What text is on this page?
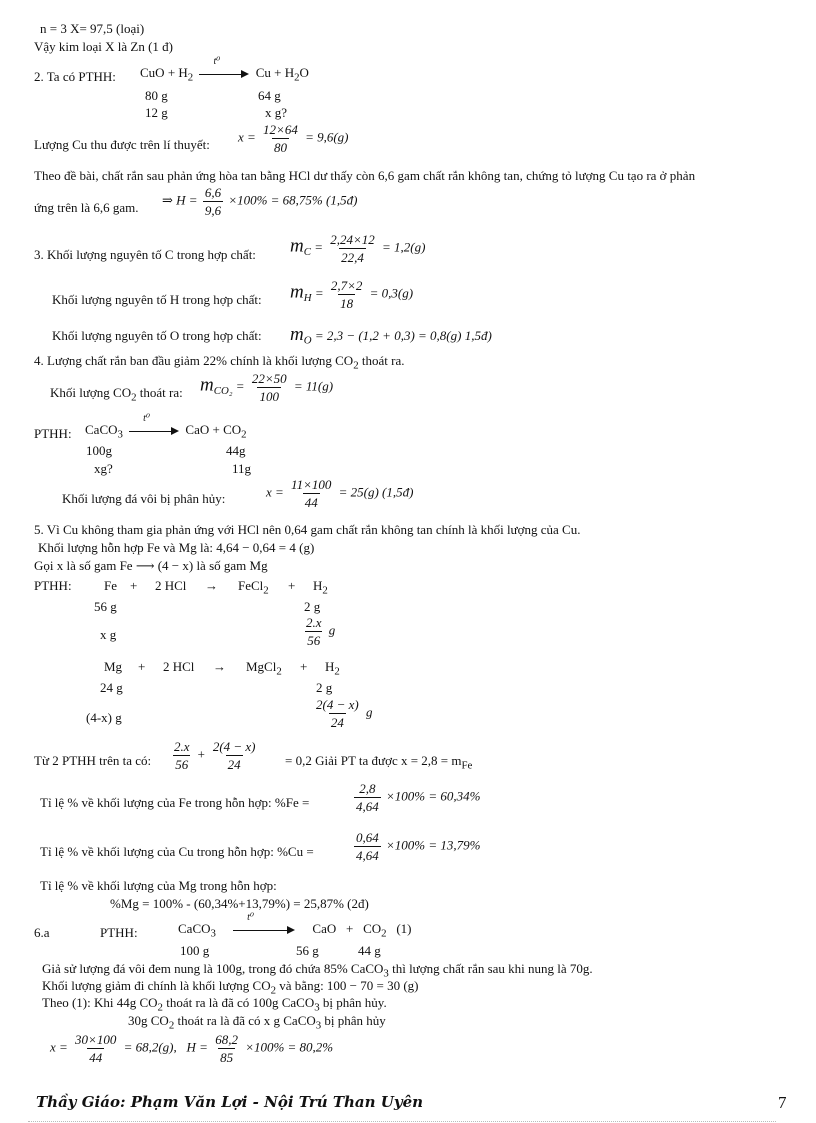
n = 3 X= 97,5 (loại)
Vậy kim loại X là Zn (1 đ)
2. Ta có PTHH: CuO + $H_2$
t⁰
$Cu + H_2O$
80 g	64 g
12 g	x g?
Lượng Cu thu được trên lí thuyết:
$x = \frac{12\times 64}{80} = 9,6(g)$
Theo đề bài, chất rắn sau phản ứng hòa tan bằng HCl dư thấy còn 6,6 gam chất rắn không tan, chứng tỏ lượng Cu tạo ra ở phản
ứng trên là 6,6 gam.
⇒ $H = \frac{6,6}{9,6} \times 100\% = 68,75\%$ (1,5đ)
3. Khối lượng nguyên tố C trong hợp chất: $m_C = \frac{2,24\times 12}{22,4} = 1,2(g)$
Khối lượng nguyên tố H trong hợp chất: $m_H = \frac{2,7\times 2}{18} = 0,3(g)$
Khối lượng nguyên tố O trong hợp chất: $m_O = 2,3 - (1,2 + 0,3) = 0,8(g)$ 1,5đ)
4. Lượng chất rắn ban đầu giảm 22% chính là khối lượng $CO_2$ thoát ra.
Khối lượng $CO_2$ thoát ra: $m_{CO_2} = \frac{22\times 50}{100} = 11(g)$
PTHH: CaCO$_3$
t⁰
CaO + $CO_2$
100g	44g
xg?	11g
Khối lượng đá vôi bị phân hủy:	$x = \frac{11\times 100}{44} = 25(g)$ (1,5đ)
5. Vì Cu không tham gia phản ứng với HCl nên 0,64 gam chất rắn không tan chính là khối lượng của Cu.
Khối lượng hỗn hợp Fe và Mg là: 4,64 − 0,64 = 4 (g)
Gọi x là số gam Fe ⟶ (4 − x) là số gam Mg
PTHH: Fe + 2 HCl → FeCl$_2$ + $H_2$
56 g	2 g
x g	$\frac{2.x}{56}$ g
Mg + 2 HCl → MgCl$_2$ + $H_2$
24 g	2 g
(4-x) g	$\frac{2(4 - x)}{24}$ g
Từ 2 PTHH trên ta có: $\frac{2.x}{56} + \frac{2(4 - x)}{24} = 0,2$ Giải PT ta được $x = 2,8 = m_{Fe}$
Tỉ lệ % về khối lượng của Fe trong hỗn hợp: %Fe =	$\frac{2,8}{4,64} \times 100\% = 60,34\%$
Tỉ lệ % về khối lượng của Cu trong hỗn hợp: %Cu =	$\frac{0,64}{4,64} \times 100\% = 13,79\%$
Tỉ lệ % về khối lượng của Mg trong hỗn hợp:
%Mg = 100% - (60,34%+13,79%) = 25,87% (2đ)
6.a	PTHH:	CaCO$_3$
t⁰
CaO + $CO_2$ (1)
100 g	56 g	44 g
Giả sử lượng đá vôi đem nung là 100g, trong đó chứa 85% CaCO$_3$ thì lượng chất rắn sau khi nung là 70g.
Khối lượng giảm đi chính là khối lượng $CO_2$ và bằng: 100 − 70 = 30 (g)
Theo (1): Khi 44g $CO_2$ thoát ra là đã có 100g CaCO$_3$ bị phân hủy.
30g $CO_2$ thoát ra là đã có x g CaCO$_3$ bị phân hủy
$x = \frac{30\times 100}{44} = 68,2(g)$, $H = \frac{68,2}{85} \times 100\% = 80,2\%$
Thầy Giáo: Phạm Văn Lợi - Nội Trú Than Uyên	7
